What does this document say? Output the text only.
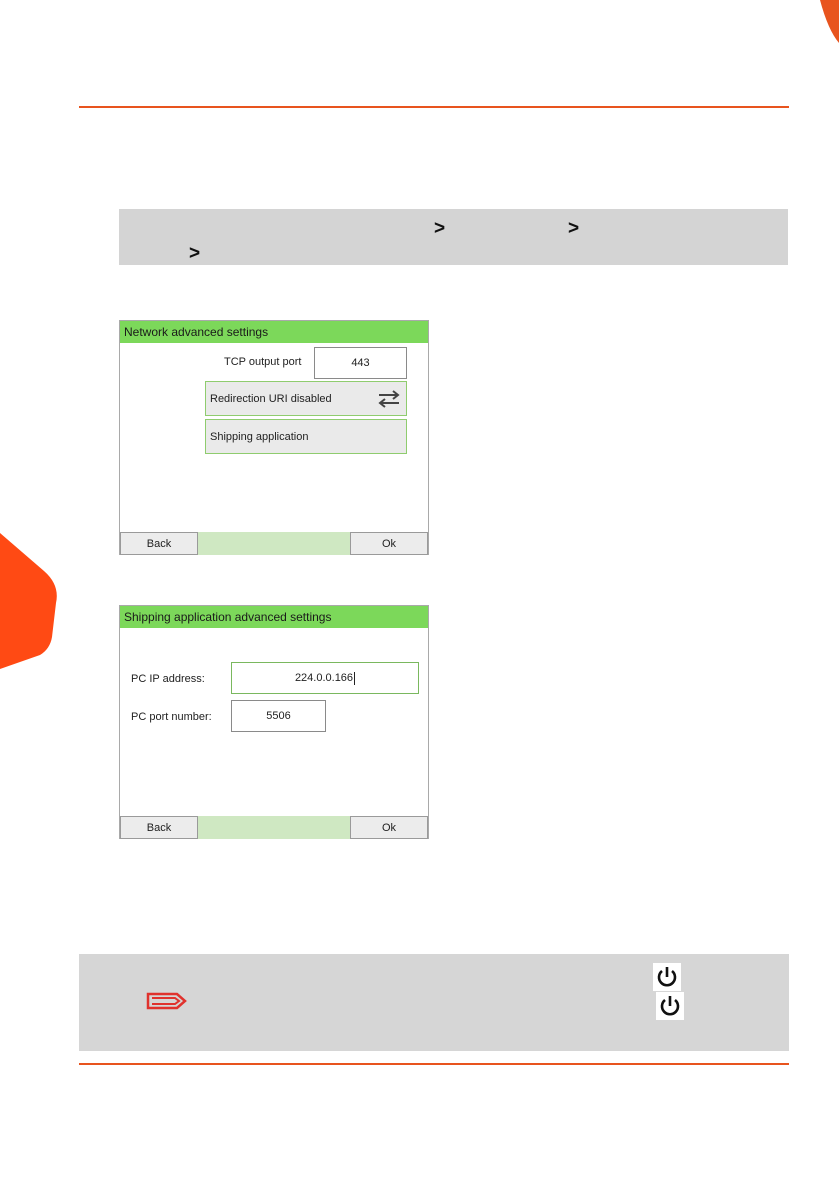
>	>
>
Network advanced settings
TCP output port	443
Redirection URI disabled
Shipping application
Back	Ok
Shipping application advanced settings
PC IP address:	224.0.0.166
PC port number:	5506
Back	Ok
